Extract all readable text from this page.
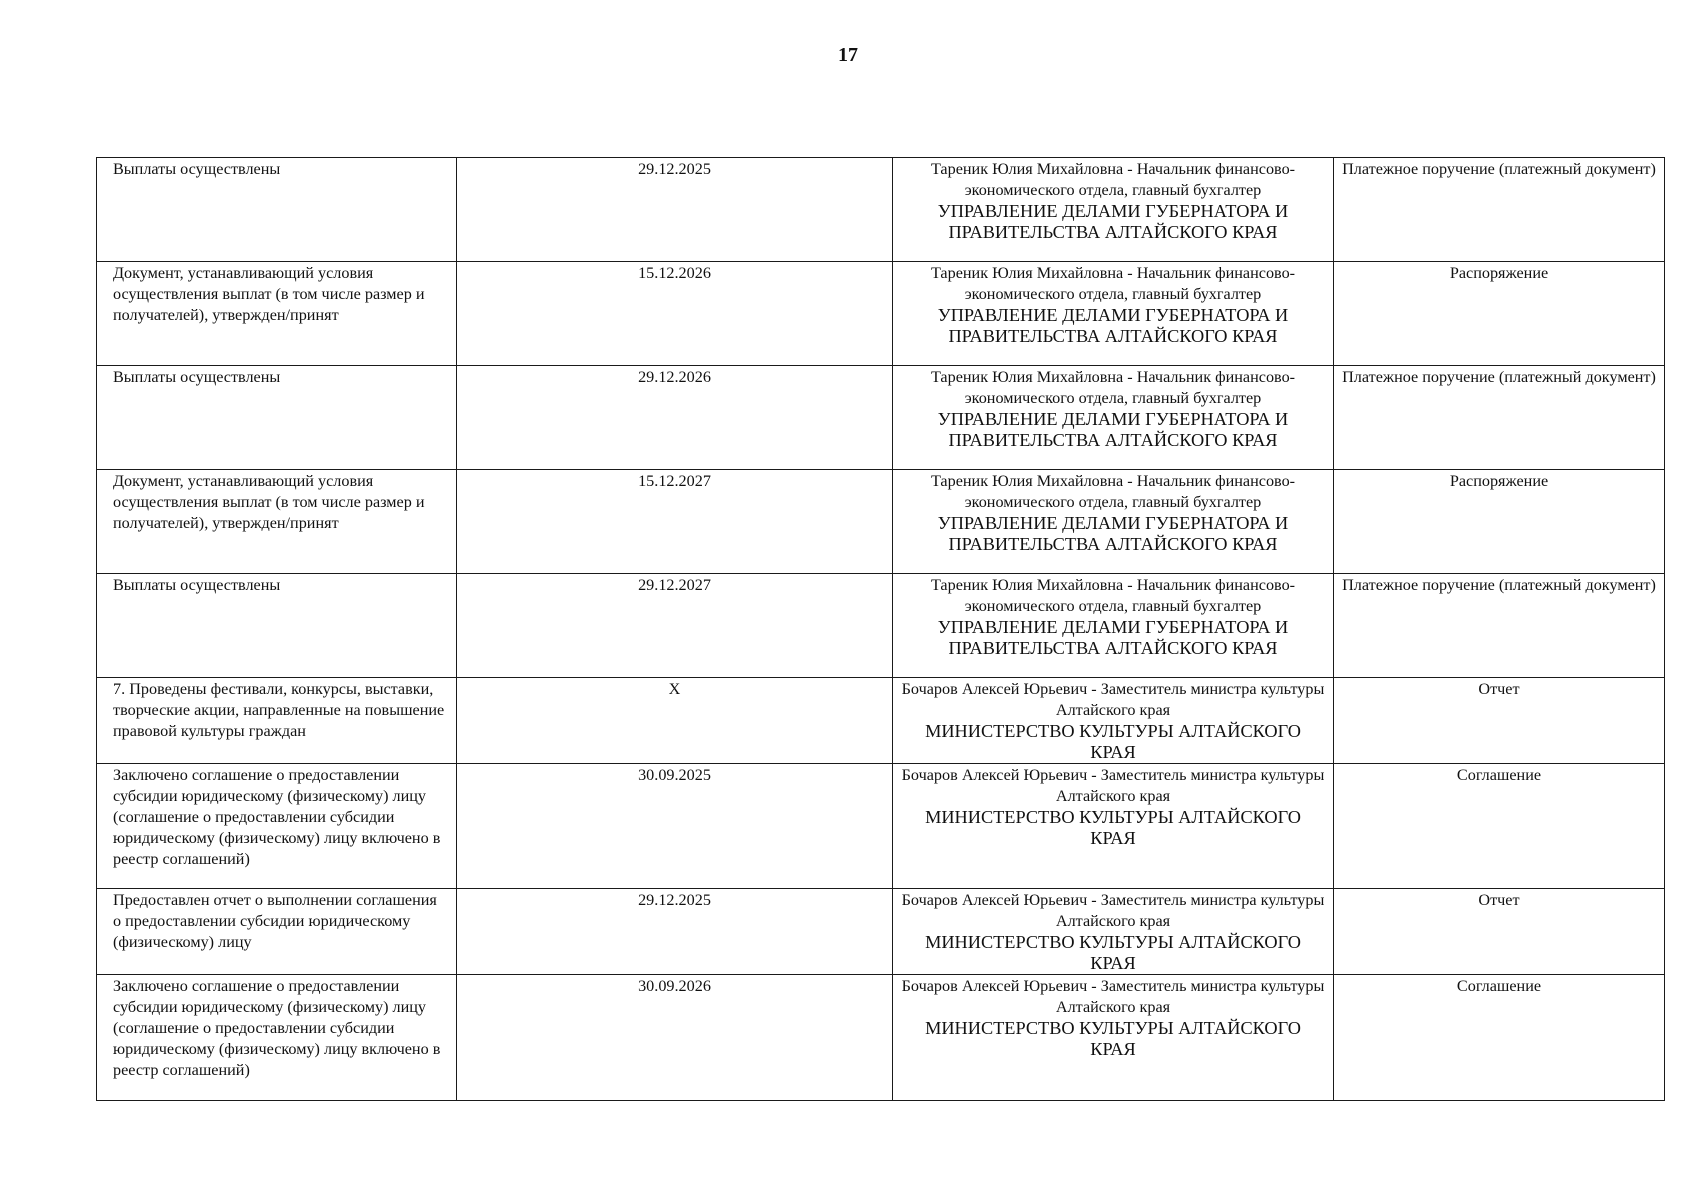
17
Выплаты осуществлены	29.12.2025	Тареник Юлия Михайловна - Начальник финансово-экономического отдела, главный бухгалтер
УПРАВЛЕНИЕ ДЕЛАМИ ГУБЕРНАТОРА И ПРАВИТЕЛЬСТВА АЛТАЙСКОГО КРАЯ	Платежное поручение (платежный документ)
Документ, устанавливающий условия осуществления выплат (в том числе размер и получателей), утвержден/принят	15.12.2026	Тареник Юлия Михайловна - Начальник финансово-экономического отдела, главный бухгалтер
УПРАВЛЕНИЕ ДЕЛАМИ ГУБЕРНАТОРА И ПРАВИТЕЛЬСТВА АЛТАЙСКОГО КРАЯ	Распоряжение
Выплаты осуществлены	29.12.2026	Тареник Юлия Михайловна - Начальник финансово-экономического отдела, главный бухгалтер
УПРАВЛЕНИЕ ДЕЛАМИ ГУБЕРНАТОРА И ПРАВИТЕЛЬСТВА АЛТАЙСКОГО КРАЯ	Платежное поручение (платежный документ)
Документ, устанавливающий условия осуществления выплат (в том числе размер и получателей), утвержден/принят	15.12.2027	Тареник Юлия Михайловна - Начальник финансово-экономического отдела, главный бухгалтер
УПРАВЛЕНИЕ ДЕЛАМИ ГУБЕРНАТОРА И ПРАВИТЕЛЬСТВА АЛТАЙСКОГО КРАЯ	Распоряжение
Выплаты осуществлены	29.12.2027	Тареник Юлия Михайловна - Начальник финансово-экономического отдела, главный бухгалтер
УПРАВЛЕНИЕ ДЕЛАМИ ГУБЕРНАТОРА И ПРАВИТЕЛЬСТВА АЛТАЙСКОГО КРАЯ	Платежное поручение (платежный документ)
7. Проведены фестивали, конкурсы, выставки, творческие акции, направленные на повышение правовой культуры граждан	Х	Бочаров Алексей Юрьевич - Заместитель министра культуры Алтайского края
МИНИСТЕРСТВО КУЛЬТУРЫ АЛТАЙСКОГО КРАЯ	Отчет
Заключено соглашение о предоставлении субсидии юридическому (физическому) лицу (соглашение о предоставлении субсидии юридическому (физическому) лицу включено в реестр соглашений)	30.09.2025	Бочаров Алексей Юрьевич - Заместитель министра культуры Алтайского края
МИНИСТЕРСТВО КУЛЬТУРЫ АЛТАЙСКОГО КРАЯ	Соглашение
Предоставлен отчет о выполнении соглашения о предоставлении субсидии юридическому (физическому) лицу	29.12.2025	Бочаров Алексей Юрьевич - Заместитель министра культуры Алтайского края
МИНИСТЕРСТВО КУЛЬТУРЫ АЛТАЙСКОГО КРАЯ	Отчет
Заключено соглашение о предоставлении субсидии юридическому (физическому) лицу (соглашение о предоставлении субсидии юридическому (физическому) лицу включено в реестр соглашений)	30.09.2026	Бочаров Алексей Юрьевич - Заместитель министра культуры Алтайского края
МИНИСТЕРСТВО КУЛЬТУРЫ АЛТАЙСКОГО КРАЯ	Соглашение
